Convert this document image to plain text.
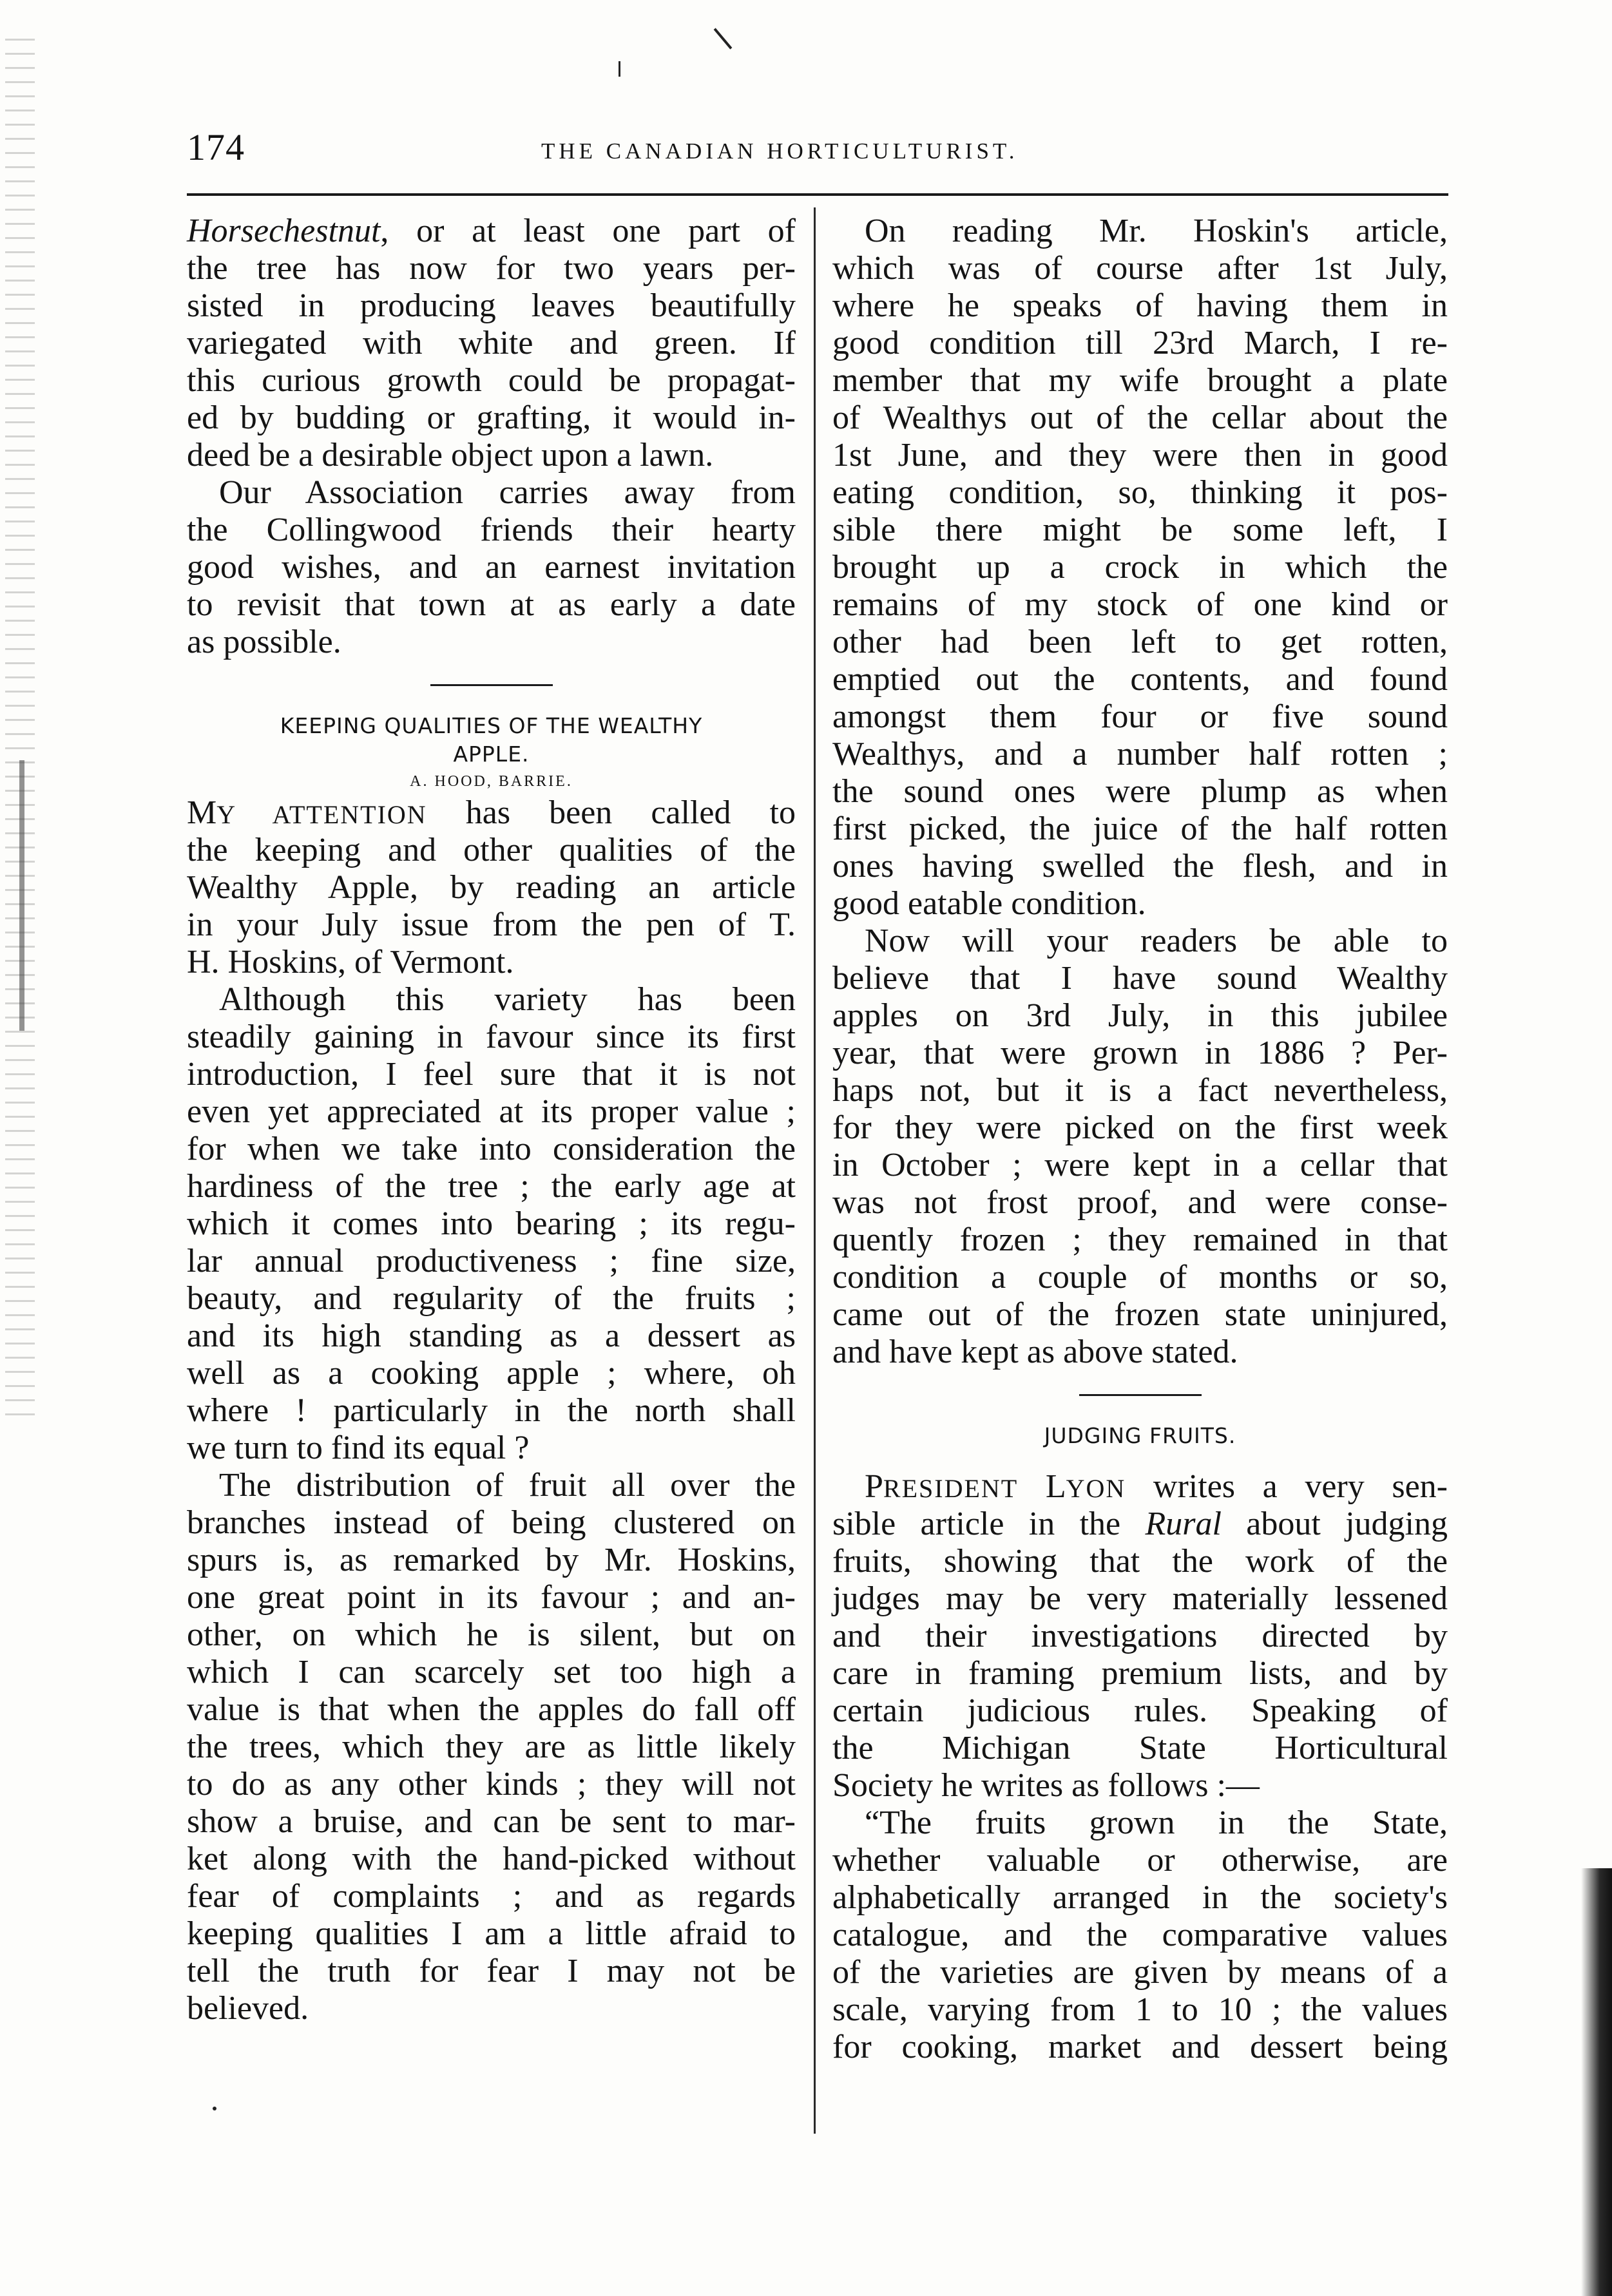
174	THE CANADIAN HORTICULTURIST.
Horsechestnut, or at least one part of
the tree has now for two years per-
sisted in producing leaves beautifully
variegated with white and green. If
this curious growth could be propagat-
ed by budding or grafting, it would in-
deed be a desirable object upon a lawn.
Our Association carries away from
the Collingwood friends their hearty
good wishes, and an earnest invitation
to revisit that town at as early a date
as possible.
KEEPING QUALITIES OF THE WEALTHY
APPLE.
A. HOOD, BARRIE.
MY ATTENTION has been called to
the keeping and other qualities of the
Wealthy Apple, by reading an article
in your July issue from the pen of T.
H. Hoskins, of Vermont.
Although this variety has been
steadily gaining in favour since its first
introduction, I feel sure that it is not
even yet appreciated at its proper value ;
for when we take into consideration the
hardiness of the tree ; the early age at
which it comes into bearing ; its regu-
lar annual productiveness ; fine size,
beauty, and regularity of the fruits ;
and its high standing as a dessert as
well as a cooking apple ; where, oh
where ! particularly in the north shall
we turn to find its equal ?
The distribution of fruit all over the
branches instead of being clustered on
spurs is, as remarked by Mr. Hoskins,
one great point in its favour ; and an-
other, on which he is silent, but on
which I can scarcely set too high a
value is that when the apples do fall off
the trees, which they are as little likely
to do as any other kinds ; they will not
show a bruise, and can be sent to mar-
ket along with the hand-picked without
fear of complaints ; and as regards
keeping qualities I am a little afraid to
tell the truth for fear I may not be
believed.
On reading Mr. Hoskin's article,
which was of course after 1st July,
where he speaks of having them in
good condition till 23rd March, I re-
member that my wife brought a plate
of Wealthys out of the cellar about the
1st June, and they were then in good
eating condition, so, thinking it pos-
sible there might be some left, I
brought up a crock in which the
remains of my stock of one kind or
other had been left to get rotten,
emptied out the contents, and found
amongst them four or five sound
Wealthys, and a number half rotten ;
the sound ones were plump as when
first picked, the juice of the half rotten
ones having swelled the flesh, and in
good eatable condition.
Now will your readers be able to
believe that I have sound Wealthy
apples on 3rd July, in this jubilee
year, that were grown in 1886 ? Per-
haps not, but it is a fact nevertheless,
for they were picked on the first week
in October ; were kept in a cellar that
was not frost proof, and were conse-
quently frozen ; they remained in that
condition a couple of months or so,
came out of the frozen state uninjured,
and have kept as above stated.
JUDGING FRUITS.
PRESIDENT LYON writes a very sen-
sible article in the Rural about judging
fruits, showing that the work of the
judges may be very materially lessened
and their investigations directed by
care in framing premium lists, and by
certain judicious rules. Speaking of
the Michigan State Horticultural
Society he writes as follows :—
“The fruits grown in the State,
whether valuable or otherwise, are
alphabetically arranged in the society's
catalogue, and the comparative values
of the varieties are given by means of a
scale, varying from 1 to 10 ; the values
for cooking, market and dessert being
